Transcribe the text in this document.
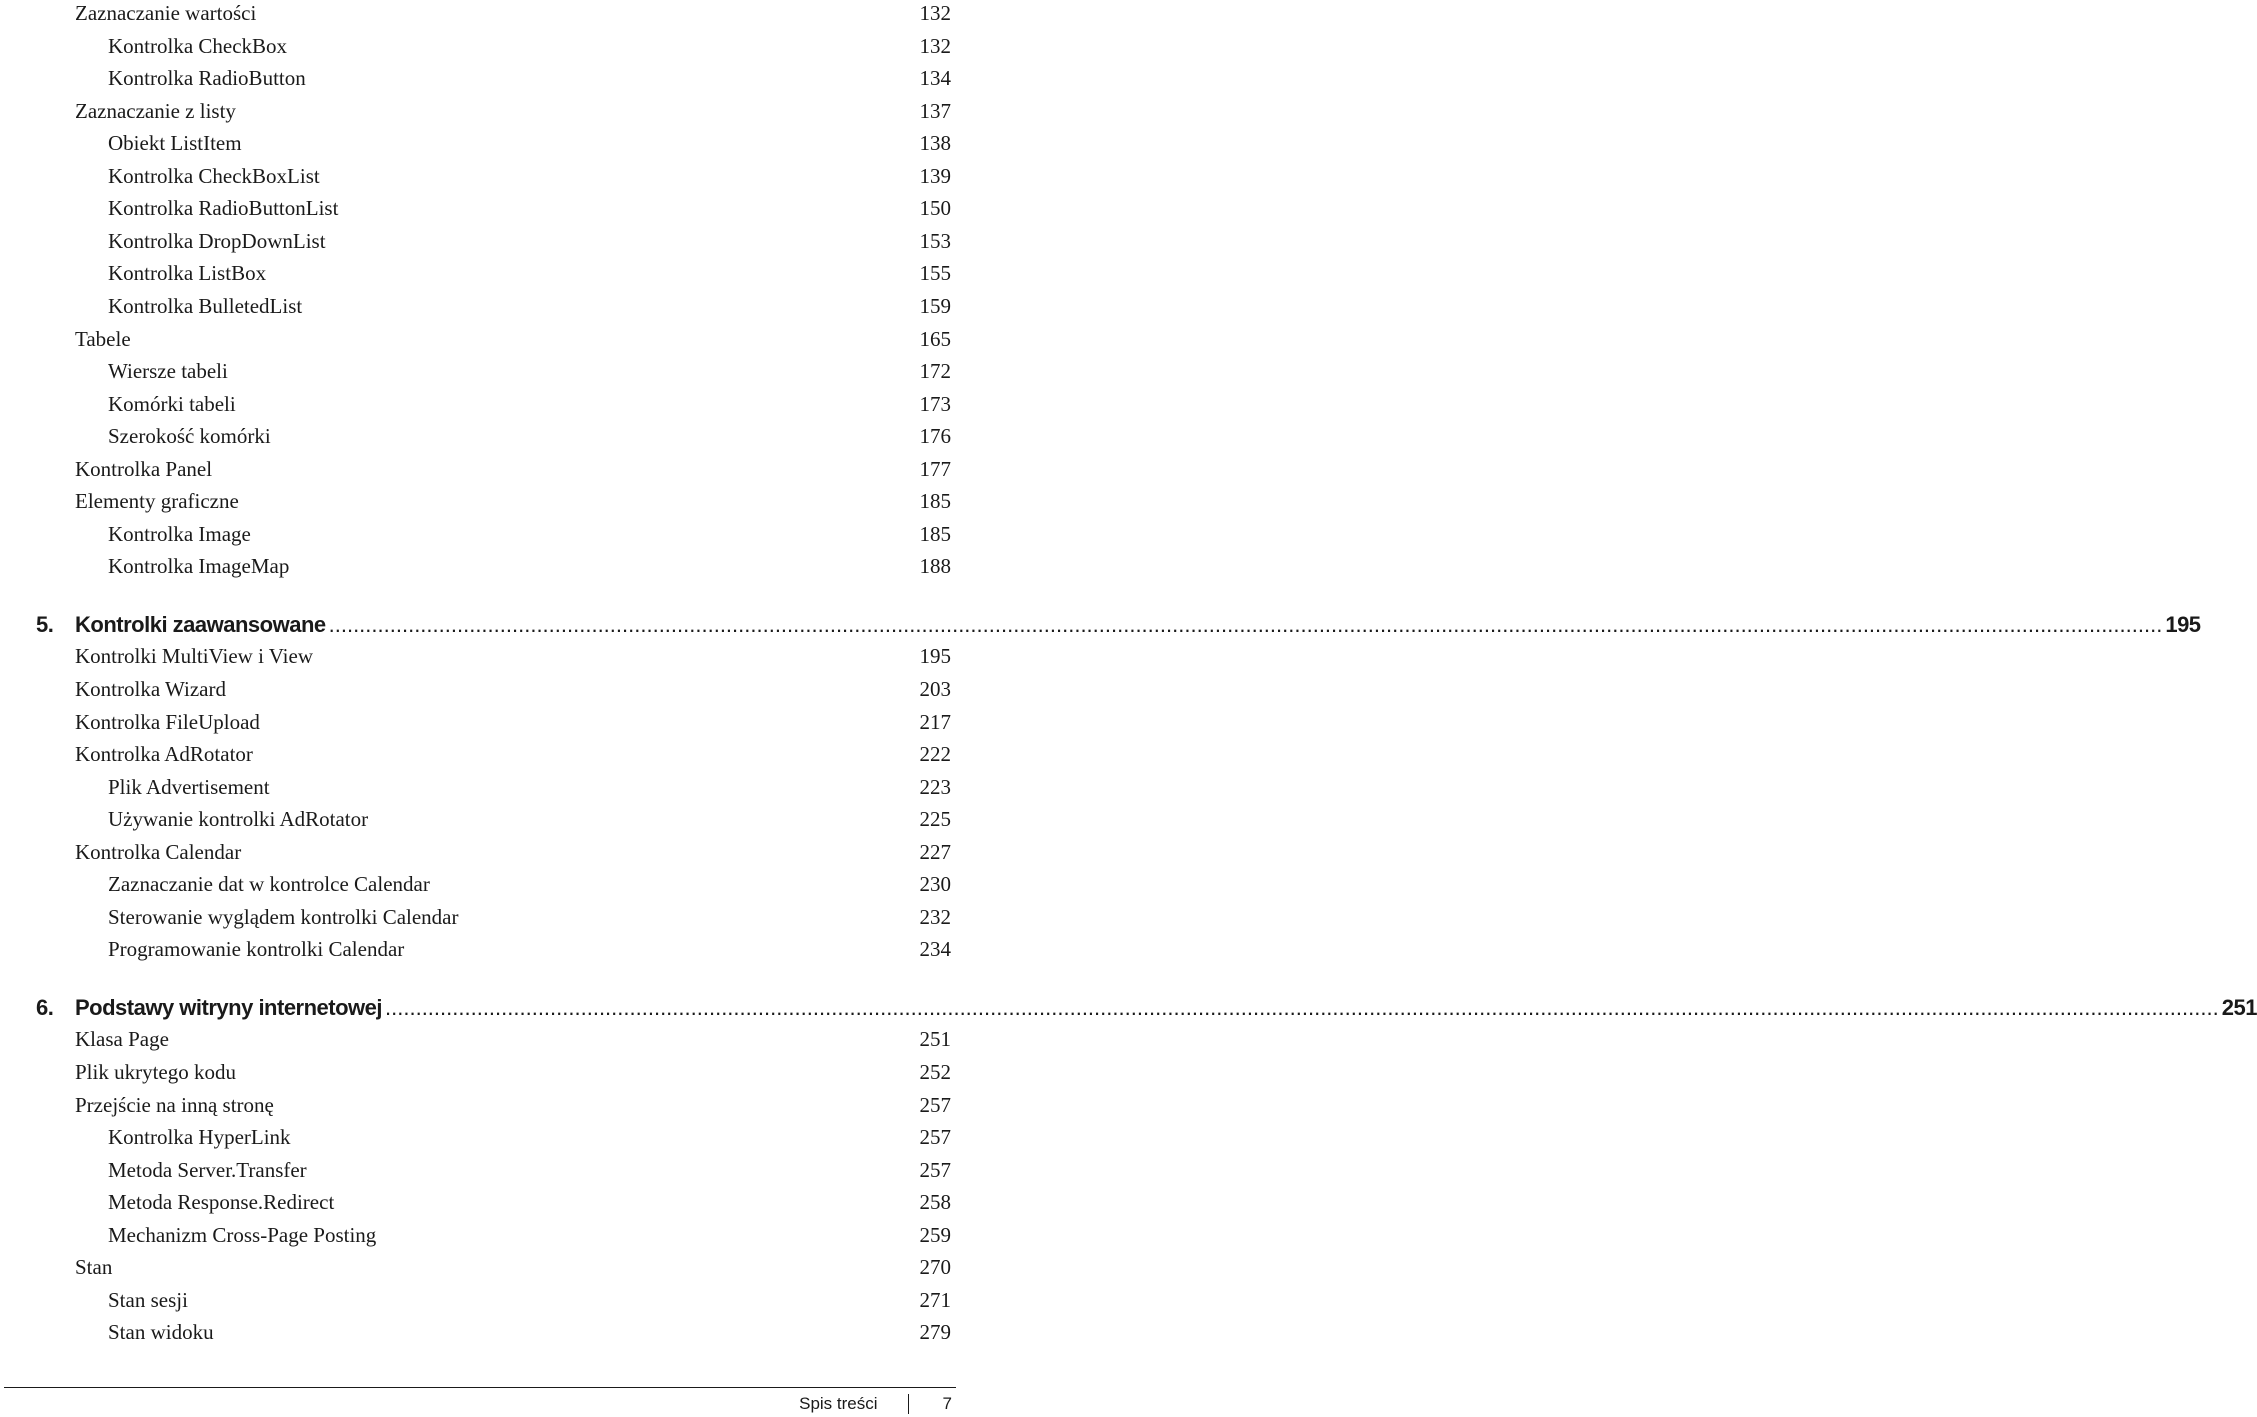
Zaznaczanie wartości	132
Kontrolka CheckBox	132
Kontrolka RadioButton	134
Zaznaczanie z listy	137
Obiekt ListItem	138
Kontrolka CheckBoxList	139
Kontrolka RadioButtonList	150
Kontrolka DropDownList	153
Kontrolka ListBox	155
Kontrolka BulletedList	159
Tabele	165
Wiersze tabeli	172
Komórki tabeli	173
Szerokość komórki	176
Kontrolka Panel	177
Elementy graficzne	185
Kontrolka Image	185
Kontrolka ImageMap	188
5. Kontrolki zaawansowane ............................................................................................................................................................................................................................................................................................................ 195
Kontrolki MultiView i View	195
Kontrolka Wizard	203
Kontrolka FileUpload	217
Kontrolka AdRotator	222
Plik Advertisement	223
Używanie kontrolki AdRotator	225
Kontrolka Calendar	227
Zaznaczanie dat w kontrolce Calendar	230
Sterowanie wyglądem kontrolki Calendar	232
Programowanie kontrolki Calendar	234
6. Podstawy witryny internetowej ............................................................................................................................................................................................................................................................................................................ 251
Klasa Page	251
Plik ukrytego kodu	252
Przejście na inną stronę	257
Kontrolka HyperLink	257
Metoda Server.Transfer	257
Metoda Response.Redirect	258
Mechanizm Cross-Page Posting	259
Stan	270
Stan sesji	271
Stan widoku	279
Spis treści	7
